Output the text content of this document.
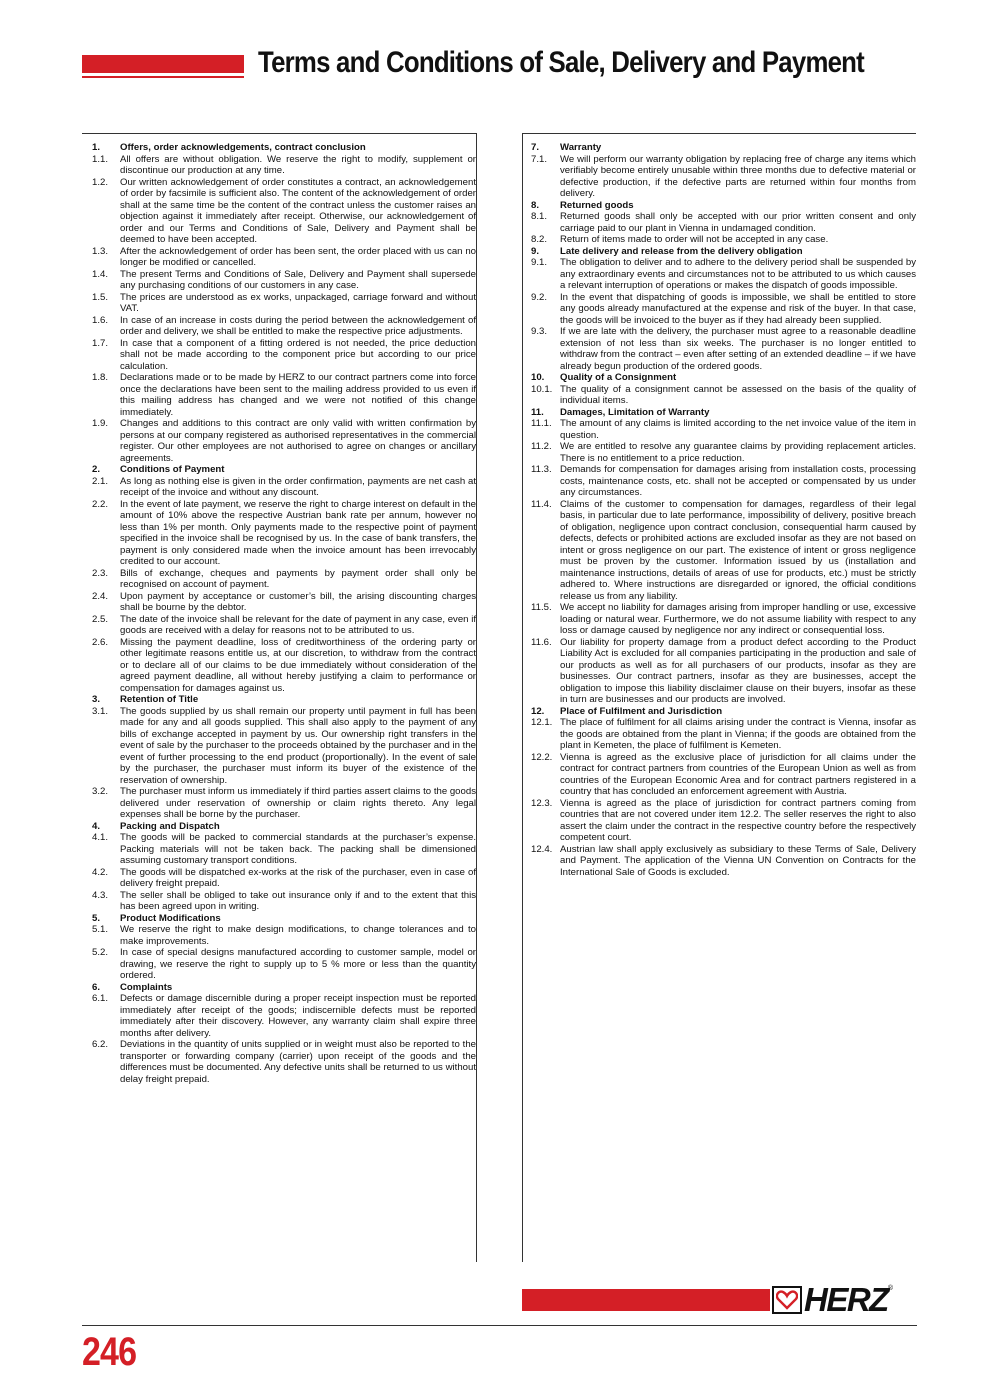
Terms and Conditions of Sale, Delivery and Payment
1.	Offers, order acknowledgements, contract conclusion
1.1.	All offers are without obligation. We reserve the right to modify, supplement or discontinue our production at any time.
1.2.	Our written acknowledgement of order constitutes a contract, an acknowledgement of order by facsimile is sufficient also. The content of the acknowledgement of order shall at the same time be the content of the contract unless the customer raises an objection against it immediately after receipt. Otherwise, our acknowledgement of order and our Terms and Conditions of Sale, Delivery and Payment shall be deemed to have been accepted.
1.3.	After the acknowledgement of order has been sent, the order placed with us can no longer be modified or cancelled.
1.4.	The present Terms and Conditions of Sale, Delivery and Payment shall supersede any purchasing conditions of our customers in any case.
1.5.	The prices are understood as ex works, unpackaged, carriage forward and without VAT.
1.6.	In case of an increase in costs during the period between the acknowledgement of order and delivery, we shall be entitled to make the respective price adjustments.
1.7.	In case that a component of a fitting ordered is not needed, the price deduction shall not be made according to the component price but according to our price calculation.
1.8.	Declarations made or to be made by HERZ to our contract partners come into force once the declarations have been sent to the mailing address provided to us even if this mailing address has changed and we were not notified of this change immediately.
1.9.	Changes and additions to this contract are only valid with written confirmation by persons at our company registered as authorised representatives in the commercial register. Our other employees are not authorised to agree on changes or ancillary agreements.
2.	Conditions of Payment
2.1.	As long as nothing else is given in the order confirmation, payments are net cash at receipt of the invoice and without any discount.
2.2.	In the event of late payment, we reserve the right to charge interest on default in the amount of 10% above the respective Austrian bank rate per annum, however no less than 1% per month. Only payments made to the respective point of payment specified in the invoice shall be recognised by us. In the case of bank transfers, the payment is only considered made when the invoice amount has been irrevocably credited to our account.
2.3.	Bills of exchange, cheques and payments by payment order shall only be recognised on account of payment.
2.4.	Upon payment by acceptance or customer’s bill, the arising discounting charges shall be bourne by the debtor.
2.5.	The date of the invoice shall be relevant for the date of payment in any case, even if goods are received with a delay for reasons not to be attributed to us.
2.6.	Missing the payment deadline, loss of creditworthiness of the ordering party or other legitimate reasons entitle us, at our discretion, to withdraw from the contract or to declare all of our claims to be due immediately without consideration of the agreed payment deadline, all without hereby justifying a claim to performance or compensation for damages against us.
3.	Retention of Title
3.1.	The goods supplied by us shall remain our property until payment in full has been made for any and all goods supplied. This shall also apply to the payment of any bills of exchange accepted in payment by us. Our ownership right transfers in the event of sale by the purchaser to the proceeds obtained by the purchaser and in the event of further processing to the end product (proportionally). In the event of sale by the purchaser, the purchaser must inform its buyer of the existence of the reservation of ownership.
3.2.	The purchaser must inform us immediately if third parties assert claims to the goods delivered under reservation of ownership or claim rights thereto. Any legal expenses shall be borne by the purchaser.
4.	Packing and Dispatch
4.1.	The goods will be packed to commercial standards at the purchaser’s expense. Packing materials will not be taken back. The packing shall be dimensioned assuming customary transport conditions.
4.2.	The goods will be dispatched ex-works at the risk of the purchaser, even in case of delivery freight prepaid.
4.3.	The seller shall be obliged to take out insurance only if and to the extent that this has been agreed upon in writing.
5.	Product Modifications
5.1.	We reserve the right to make design modifications, to change tolerances and to make improvements.
5.2.	In case of special designs manufactured according to customer sample, model or drawing, we reserve the right to supply up to 5 % more or less than the quantity ordered.
6.	Complaints
6.1.	Defects or damage discernible during a proper receipt inspection must be reported immediately after receipt of the goods; indiscernible defects must be reported immediately after their discovery. However, any warranty claim shall expire three months after delivery.
6.2.	Deviations in the quantity of units supplied or in weight must also be reported to the transporter or forwarding company (carrier) upon receipt of the goods and the differences must be documented. Any defective units shall be returned to us without delay freight prepaid.
7.	Warranty
7.1.	We will perform our warranty obligation by replacing free of charge any items which verifiably become entirely unusable within three months due to defective material or defective production, if the defective parts are returned within four months from delivery.
8.	Returned goods
8.1.	Returned goods shall only be accepted with our prior written consent and only carriage paid to our plant in Vienna in undamaged condition.
8.2.	Return of items made to order will not be accepted in any case.
9.	Late delivery and release from the delivery obligation
9.1.	The obligation to deliver and to adhere to the delivery period shall be suspended by any extraordinary events and circumstances not to be attributed to us which causes a relevant interruption of operations or makes the dispatch of goods impossible.
9.2.	In the event that dispatching of goods is impossible, we shall be entitled to store any goods already manufactured at the expense and risk of the buyer. In that case, the goods will be invoiced to the buyer as if they had already been supplied.
9.3.	If we are late with the delivery, the purchaser must agree to a reasonable deadline extension of not less than six weeks. The purchaser is no longer entitled to withdraw from the contract – even after setting of an extended deadline – if we have already begun production of the ordered goods.
10.	Quality of a Consignment
10.1. The quality of a consignment cannot be assessed on the basis of the quality of individual items.
11.	Damages, Limitation of Warranty
11.1. The amount of any claims is limited according to the net invoice value of the item in question.
11.2. We are entitled to resolve any guarantee claims by providing replacement articles. There is no entitlement to a price reduction.
11.3. Demands for compensation for damages arising from installation costs, processing costs, maintenance costs, etc. shall not be accepted or compensated by us under any circumstances.
11.4. Claims of the customer to compensation for damages, regardless of their legal basis, in particular due to late performance, impossibility of delivery, positive breach of obligation, negligence upon contract conclusion, consequential harm caused by defects, defects or prohibited actions are excluded insofar as they are not based on intent or gross negligence on our part. The existence of intent or gross negligence must be proven by the customer. Information issued by us (installation and maintenance instructions, details of areas of use for products, etc.) must be strictly adhered to. Where instructions are disregarded or ignored, the official conditions release us from any liability.
11.5. We accept no liability for damages arising from improper handling or use, excessive loading or natural wear. Furthermore, we do not assume liability with respect to any loss or damage caused by negligence nor any indirect or consequential loss.
11.6. Our liability for property damage from a product defect according to the Product Liability Act is excluded for all companies participating in the production and sale of our products as well as for all purchasers of our products, insofar as they are businesses. Our contract partners, insofar as they are businesses, accept the obligation to impose this liability disclaimer clause on their buyers, insofar as these in turn are businesses and our products are involved.
12.	Place of Fulfilment and Jurisdiction
12.1. The place of fulfilment for all claims arising under the contract is Vienna, insofar as the goods are obtained from the plant in Vienna; if the goods are obtained from the plant in Kemeten, the place of fulfilment is Kemeten.
12.2. Vienna is agreed as the exclusive place of jurisdiction for all claims under the contract for contract partners from countries of the European Union as well as from countries of the European Economic Area and for contract partners registered in a country that has concluded an enforcement agreement with Austria.
12.3. Vienna is agreed as the place of jurisdiction for contract partners coming from countries that are not covered under item 12.2. The seller reserves the right to also assert the claim under the contract in the respective country before the respectively competent court.
12.4. Austrian law shall apply exclusively as subsidiary to these Terms of Sale, Delivery and Payment. The application of the Vienna UN Convention on Contracts for the International Sale of Goods is excluded.
HERZ ®
246
